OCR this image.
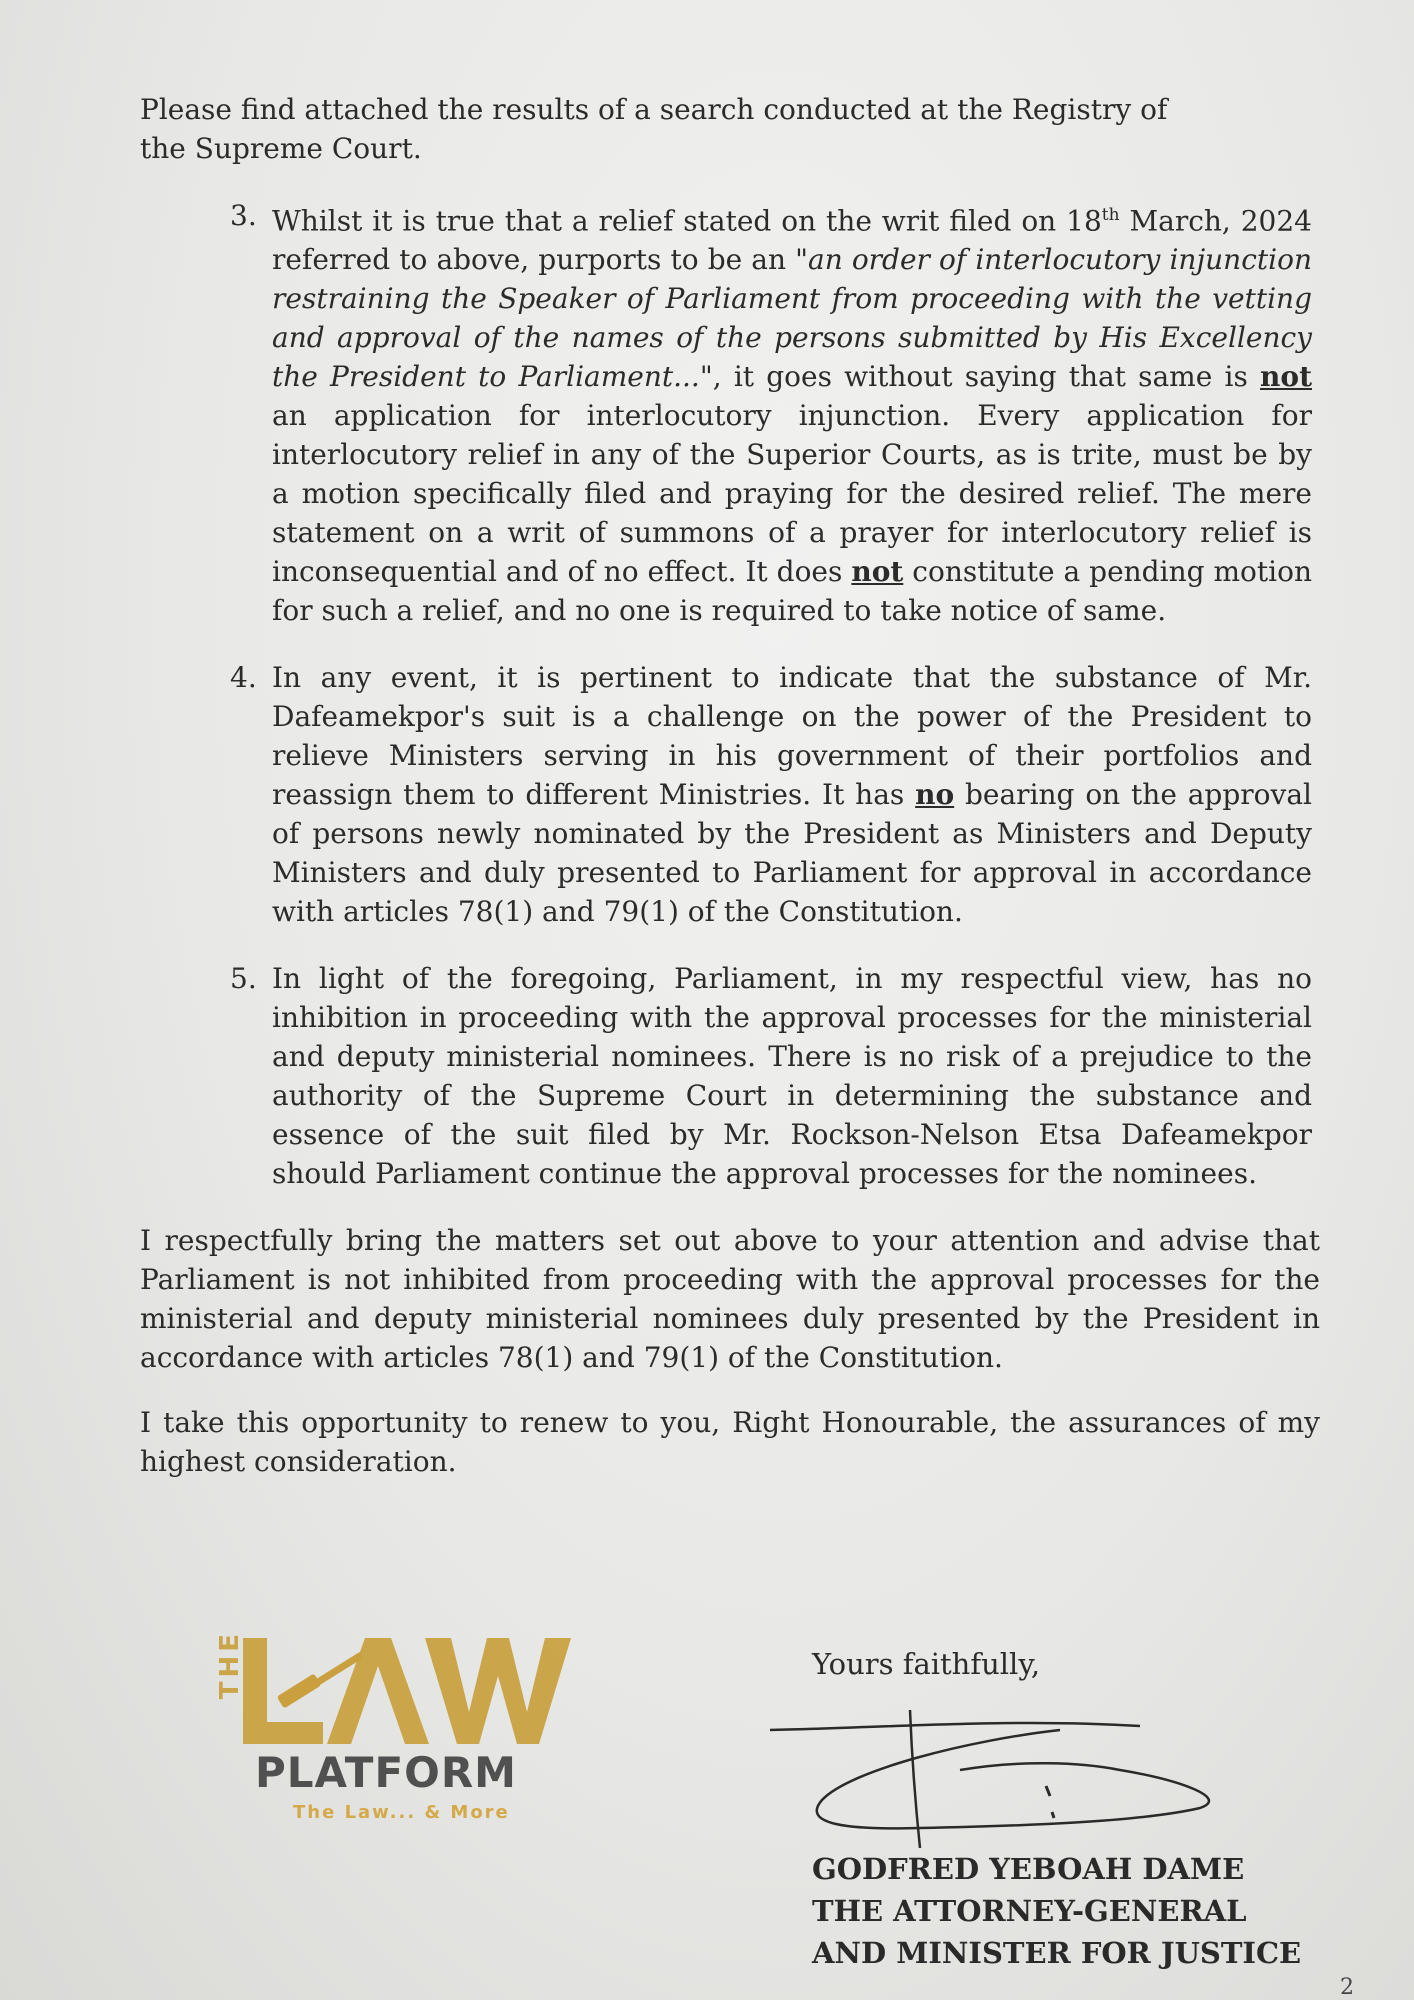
Please find attached the results of a search conducted at the Registry of the Supreme Court.

3. Whilst it is true that a relief stated on the writ filed on 18th March, 2024 referred to above, purports to be an "an order of interlocutory injunction restraining the Speaker of Parliament from proceeding with the vetting and approval of the names of the persons submitted by His Excellency the President to Parliament...", it goes without saying that same is not an application for interlocutory injunction. Every application for interlocutory relief in any of the Superior Courts, as is trite, must be by a motion specifically filed and praying for the desired relief. The mere statement on a writ of summons of a prayer for interlocutory relief is inconsequential and of no effect. It does not constitute a pending motion for such a relief, and no one is required to take notice of same.

4. In any event, it is pertinent to indicate that the substance of Mr. Dafeamekpor's suit is a challenge on the power of the President to relieve Ministers serving in his government of their portfolios and reassign them to different Ministries. It has no bearing on the approval of persons newly nominated by the President as Ministers and Deputy Ministers and duly presented to Parliament for approval in accordance with articles 78(1) and 79(1) of the Constitution.

5. In light of the foregoing, Parliament, in my respectful view, has no inhibition in proceeding with the approval processes for the ministerial and deputy ministerial nominees. There is no risk of a prejudice to the authority of the Supreme Court in determining the substance and essence of the suit filed by Mr. Rockson-Nelson Etsa Dafeamekpor should Parliament continue the approval processes for the nominees.

I respectfully bring the matters set out above to your attention and advise that Parliament is not inhibited from proceeding with the approval processes for the ministerial and deputy ministerial nominees duly presented by the President in accordance with articles 78(1) and 79(1) of the Constitution.

I take this opportunity to renew to you, Right Honourable, the assurances of my highest consideration.

THE
PLATFORM
The Law... & More
Yours faithfully,
GODFRED YEBOAH DAME
THE ATTORNEY-GENERAL
AND MINISTER FOR JUSTICE
2
